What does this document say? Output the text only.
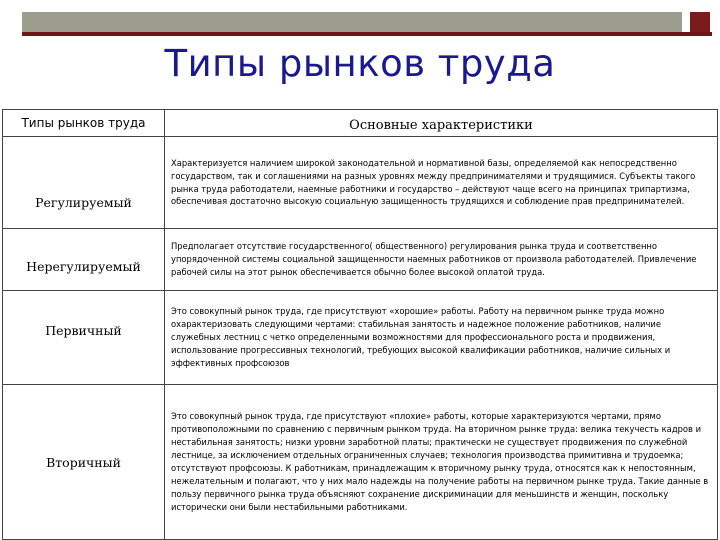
Типы рынков труда
Типы рынков труда	Основные характеристики
Регулируемый	Характеризуется наличием широкой законодательной и нормативной базы, определяемой как непосредственно государством, так и соглашениями на разных уровнях между предпринимателями и трудящимися. Субъекты такого рынка труда работодатели, наемные работники и государство – действуют чаще всего на принципах трипартизма, обеспечивая достаточно высокую социальную защищенность трудящихся и соблюдение прав предпринимателей.
Нерегулируемый	Предполагает отсутствие государственного( общественного) регулирования рынка труда и соответственно упорядоченной системы социальной защищенности наемных работников от произвола работодателей. Привлечение рабочей силы на этот рынок обеспечивается обычно более высокой оплатой труда.
Первичный	Это совокупный рынок труда, где присутствуют «хорошие» работы. Работу на первичном рынке труда можно охарактеризовать следующими чертами: стабильная занятость и надежное положение работников, наличие служебных лестниц с четко определенными возможностями для профессионального роста и продвижения, использование прогрессивных технологий, требующих высокой квалификации работников, наличие сильных и эффективных профсоюзов
Вторичный	Это совокупный рынок труда, где присутствуют «плохие» работы, которые характеризуются чертами, прямо противоположными по сравнению с первичным рынком труда. На вторичном рынке труда: велика текучесть кадров и нестабильная занятость; низки уровни заработной платы; практически не существует продвижения по служебной лестнице, за исключением отдельных ограниченных случаев; технология производства примитивна и трудоемка; отсутствуют профсоюзы. К работникам, принадлежащим к вторичному рынку труда, относятся как к непостоянным, нежелательным и полагают, что у них мало надежды на получение работы на первичном рынке труда. Такие данные в пользу первичного рынка труда объясняют сохранение дискриминации для меньшинств и женщин, поскольку исторически они были нестабильными работниками.
